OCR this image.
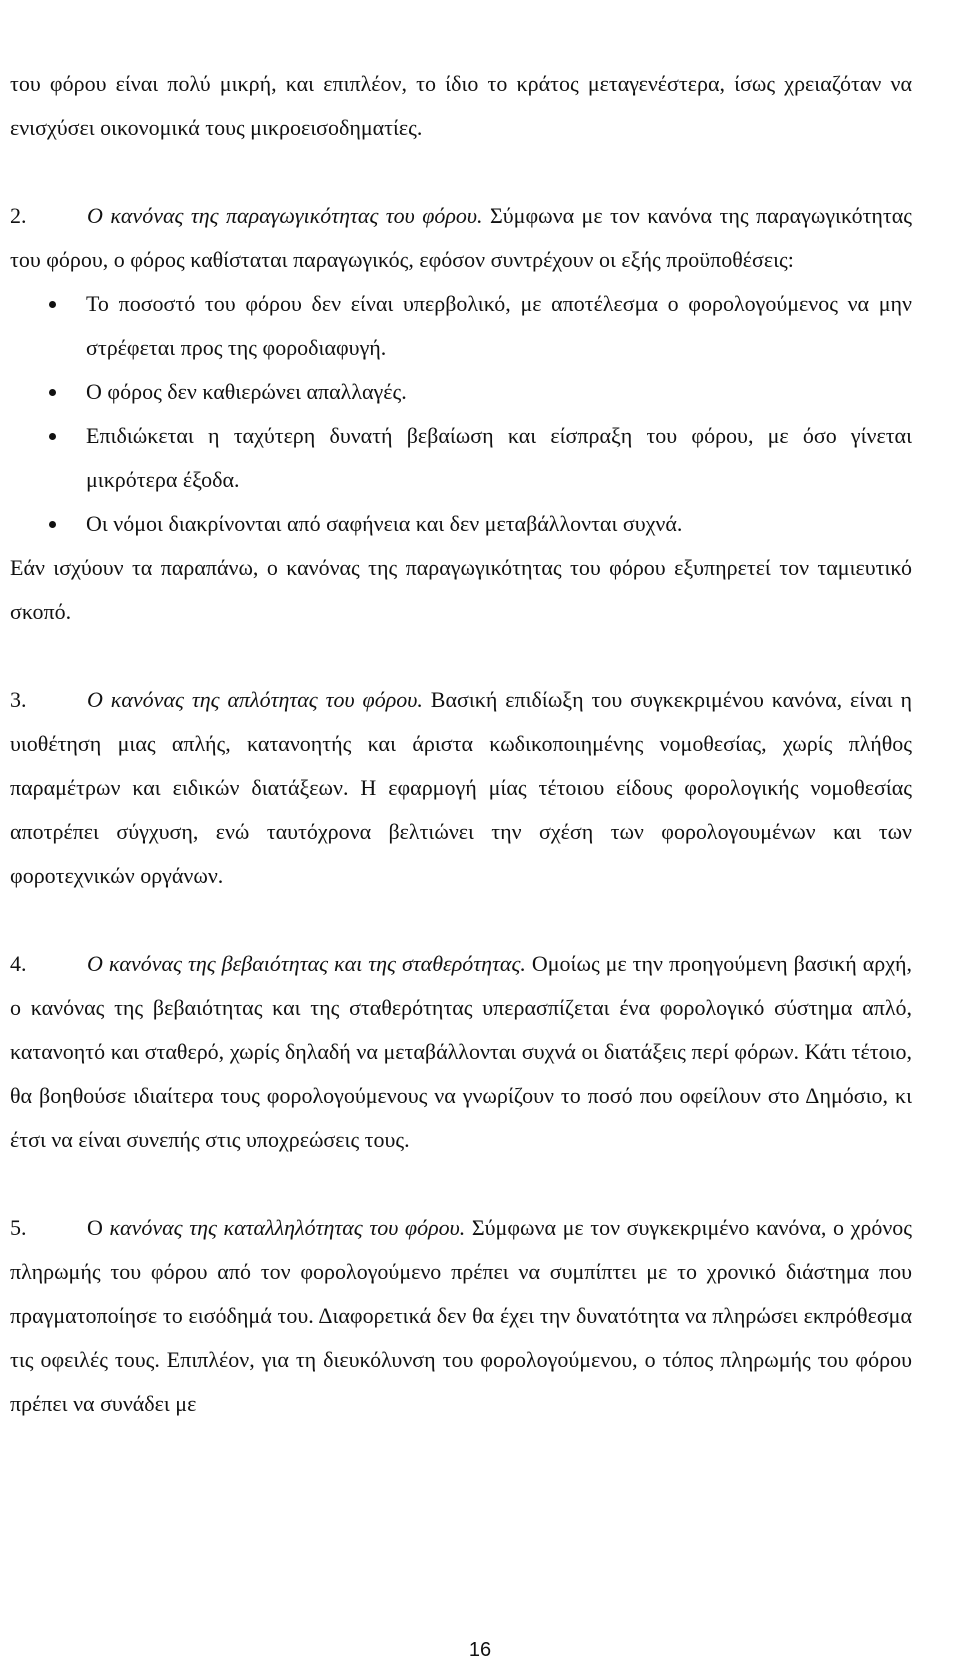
του φόρου είναι πολύ μικρή, και επιπλέον, το ίδιο το κράτος μεταγενέστερα, ίσως χρειαζόταν να ενισχύσει οικονομικά τους μικροεισοδηματίες.

2.	Ο κανόνας της παραγωγικότητας του φόρου. Σύμφωνα με τον κανόνα της παραγωγικότητας του φόρου, ο φόρος καθίσταται παραγωγικός, εφόσον συντρέχουν οι εξής προϋποθέσεις:

Το ποσοστό του φόρου δεν είναι υπερβολικό, με αποτέλεσμα ο φορολογούμενος να μην στρέφεται προς της φοροδιαφυγή.
Ο φόρος δεν καθιερώνει απαλλαγές.
Επιδιώκεται η ταχύτερη δυνατή βεβαίωση και είσπραξη του φόρου, με όσο γίνεται μικρότερα έξοδα.
Οι νόμοι διακρίνονται από σαφήνεια και δεν μεταβάλλονται συχνά.

Εάν ισχύουν τα παραπάνω, ο κανόνας της παραγωγικότητας του φόρου εξυπηρετεί τον ταμιευτικό σκοπό.

3.	Ο κανόνας της απλότητας του φόρου. Βασική επιδίωξη του συγκεκριμένου κανόνα, είναι η υιοθέτηση μιας απλής, κατανοητής και άριστα κωδικοποιημένης νομοθεσίας, χωρίς πλήθος παραμέτρων και ειδικών διατάξεων. Η εφαρμογή μίας τέτοιου είδους φορολογικής νομοθεσίας αποτρέπει σύγχυση, ενώ ταυτόχρονα βελτιώνει την σχέση των φορολογουμένων και των φοροτεχνικών οργάνων.

4.	Ο κανόνας της βεβαιότητας και της σταθερότητας. Ομοίως με την προηγούμενη βασική αρχή, ο κανόνας της βεβαιότητας και της σταθερότητας υπερασπίζεται ένα φορολογικό σύστημα απλό, κατανοητό και σταθερό, χωρίς δηλαδή να μεταβάλλονται συχνά οι διατάξεις περί φόρων. Κάτι τέτοιο, θα βοηθούσε ιδιαίτερα τους φορολογούμενους να γνωρίζουν το ποσό που οφείλουν στο Δημόσιο, κι έτσι να είναι συνεπής στις υποχρεώσεις τους.

5.	Ο κανόνας της καταλληλότητας του φόρου. Σύμφωνα με τον συγκεκριμένο κανόνα, ο χρόνος πληρωμής του φόρου από τον φορολογούμενο πρέπει να συμπίπτει με το χρονικό διάστημα που πραγματοποίησε το εισόδημά του. Διαφορετικά δεν θα έχει την δυνατότητα να πληρώσει εκπρόθεσμα τις οφειλές τους. Επιπλέον, για τη διευκόλυνση του φορολογούμενου, ο τόπος πληρωμής του φόρου πρέπει να συνάδει με

16
